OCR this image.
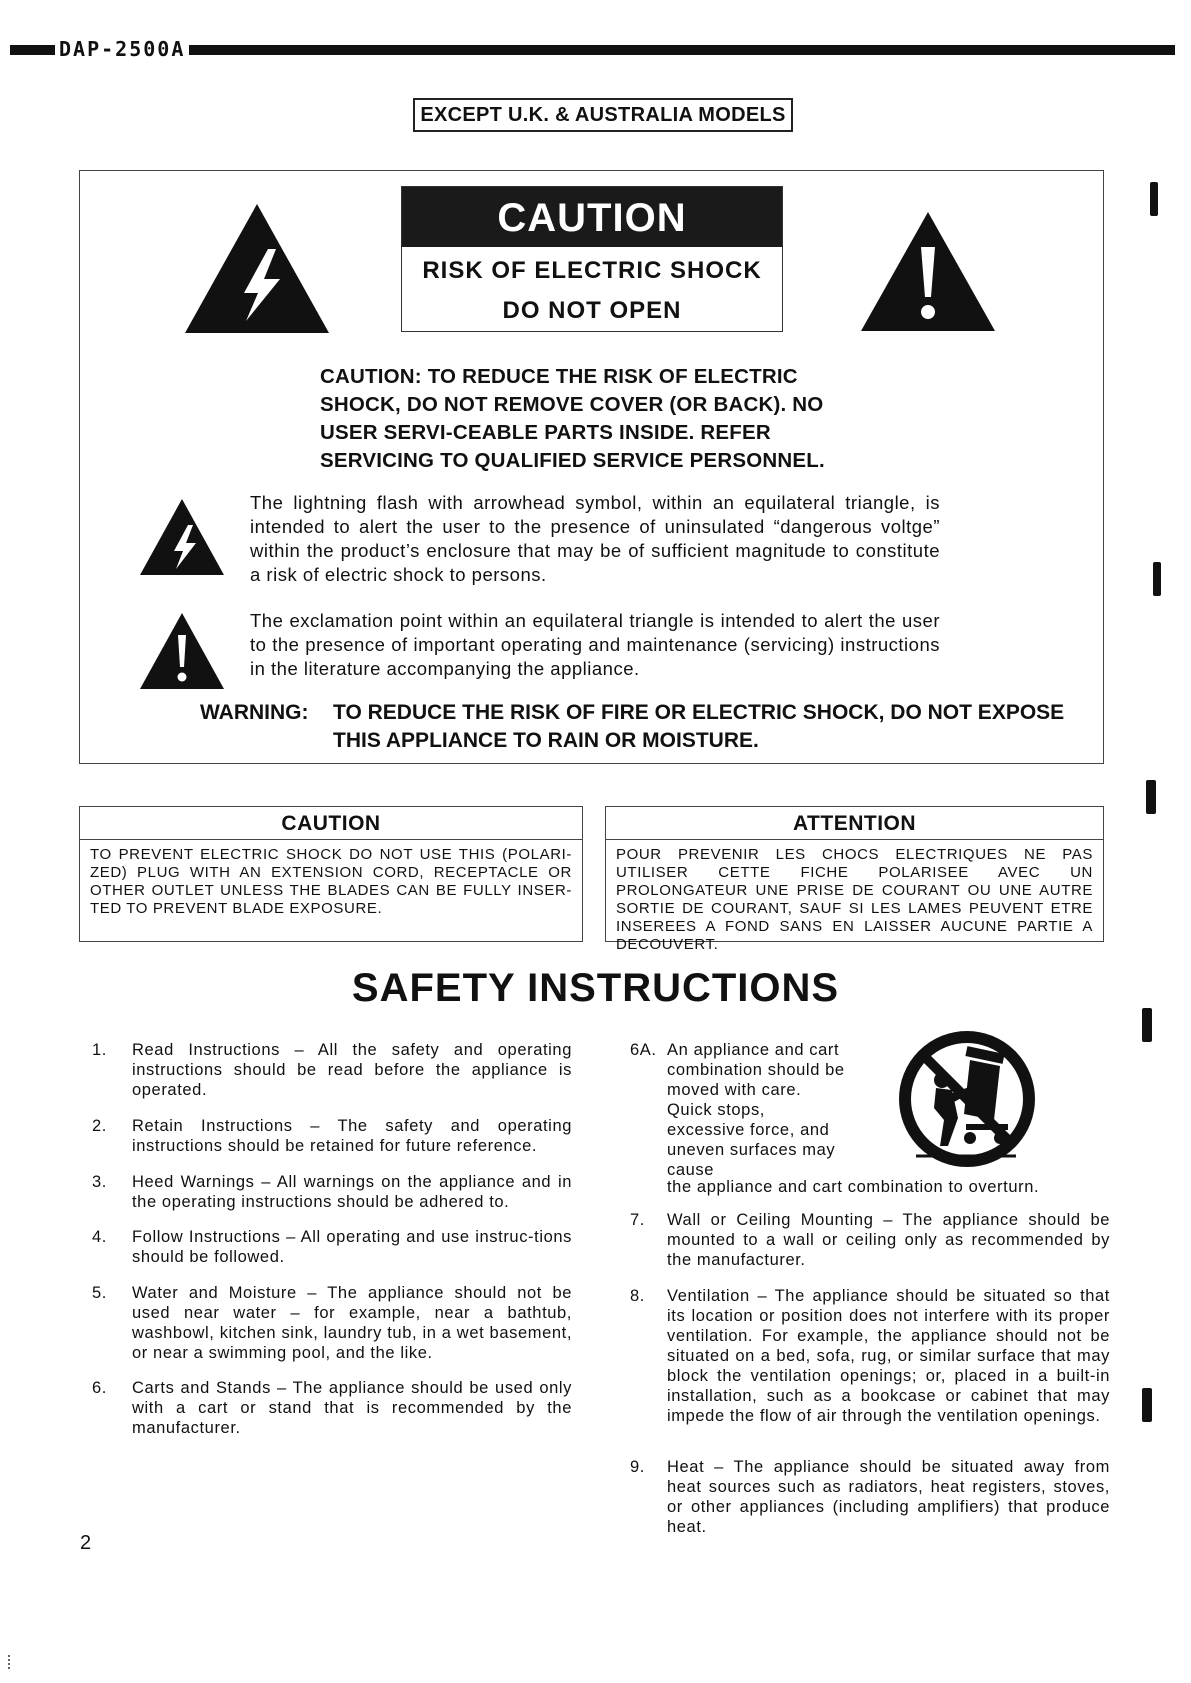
DAP-2500A
EXCEPT U.K. & AUSTRALIA MODELS
CAUTION
RISK OF ELECTRIC SHOCK
DO NOT OPEN
CAUTION: TO REDUCE THE RISK OF ELECTRIC SHOCK, DO NOT REMOVE COVER (OR BACK). NO USER SERVI-CEABLE PARTS INSIDE. REFER SERVICING TO QUALIFIED SERVICE PERSONNEL.
The lightning flash with arrowhead symbol, within an equilateral triangle, is intended to alert the user to the presence of uninsulated “dangerous voltge” within the product’s enclosure that may be of sufficient magnitude to constitute a risk of electric shock to persons.
The exclamation point within an equilateral triangle is intended to alert the user to the presence of important operating and maintenance (servicing) instructions in the literature accompanying the appliance.
WARNING: TO REDUCE THE RISK OF FIRE OR ELECTRIC SHOCK, DO NOT EXPOSE THIS APPLIANCE TO RAIN OR MOISTURE.
CAUTION
TO PREVENT ELECTRIC SHOCK DO NOT USE THIS (POLARI-ZED) PLUG WITH AN EXTENSION CORD, RECEPTACLE OR OTHER OUTLET UNLESS THE BLADES CAN BE FULLY INSER-TED TO PREVENT BLADE EXPOSURE.
ATTENTION
POUR PREVENIR LES CHOCS ELECTRIQUES NE PAS UTILISER CETTE FICHE POLARISEE AVEC UN PROLONGATEUR UNE PRISE DE COURANT OU UNE AUTRE SORTIE DE COURANT, SAUF SI LES LAMES PEUVENT ETRE INSEREES A FOND SANS EN LAISSER AUCUNE PARTIE A DECOUVERT.
SAFETY INSTRUCTIONS
1. Read Instructions – All the safety and operating instructions should be read before the appliance is operated.
2. Retain Instructions – The safety and operating instructions should be retained for future reference.
3. Heed Warnings – All warnings on the appliance and in the operating instructions should be adhered to.
4. Follow Instructions – All operating and use instruc-tions should be followed.
5. Water and Moisture – The appliance should not be used near water – for example, near a bathtub, washbowl, kitchen sink, laundry tub, in a wet basement, or near a swimming pool, and the like.
6. Carts and Stands – The appliance should be used only with a cart or stand that is recommended by the manufacturer.
6A. An appliance and cart combination should be moved with care. Quick stops, excessive force, and uneven surfaces may cause
the appliance and cart combination to overturn.
7. Wall or Ceiling Mounting – The appliance should be mounted to a wall or ceiling only as recommended by the manufacturer.
8. Ventilation – The appliance should be situated so that its location or position does not interfere with its proper ventilation. For example, the appliance should not be situated on a bed, sofa, rug, or similar surface that may block the ventilation openings; or, placed in a built-in installation, such as a bookcase or cabinet that may impede the flow of air through the ventilation openings.
9. Heat – The appliance should be situated away from heat sources such as radiators, heat registers, stoves, or other appliances (including amplifiers) that produce heat.
2
